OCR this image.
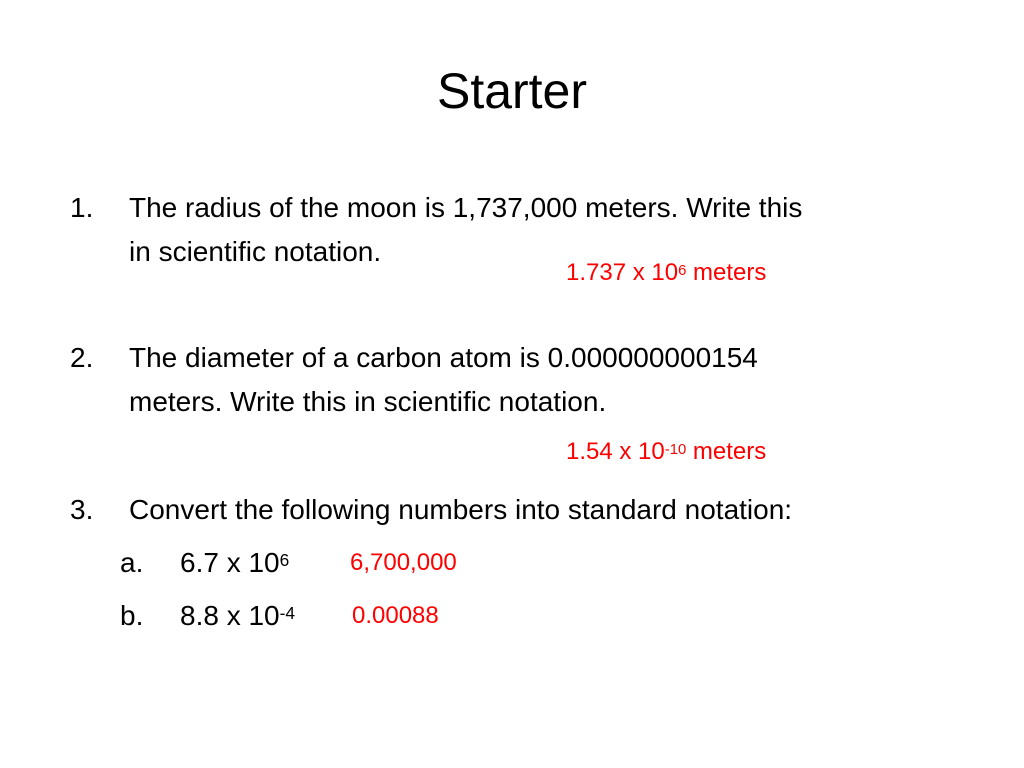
Starter
1. The radius of the moon is 1,737,000 meters. Write this
in scientific notation.
1.737 x $10^6$ meters
2. The diameter of a carbon atom is 0.000000000154
meters. Write this in scientific notation.
1.54 x $10^{-10}$ meters
3. Convert the following numbers into standard notation:
a. 6.7 x $10^6$	6,700,000
b. 8.8 x $10^{-4}$ 0.00088
